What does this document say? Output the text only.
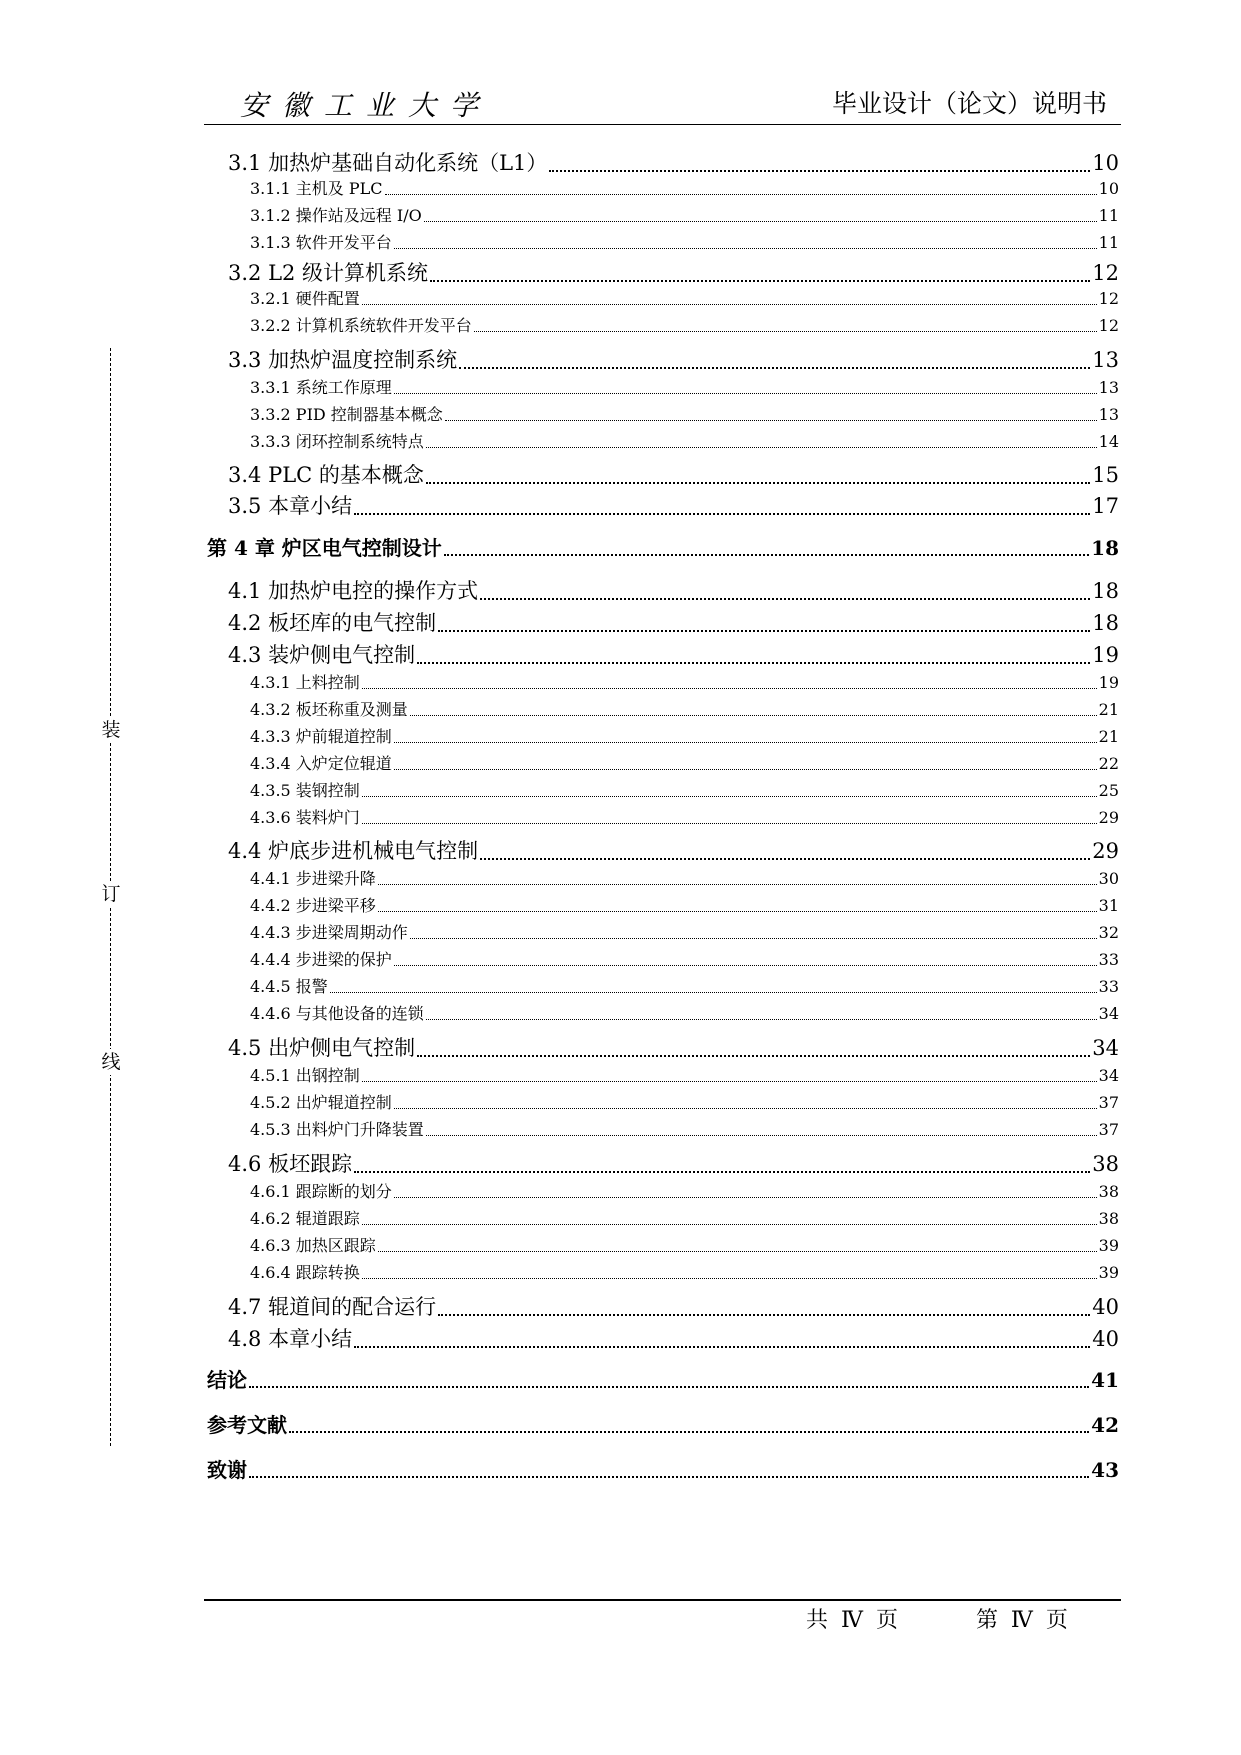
安徽工业大学	毕业设计（论文）说明书
装
订
线
3.1 加热炉基础自动化系统（L1）	10
3.1.1 主机及 PLC	10
3.1.2 操作站及远程 I/O	11
3.1.3 软件开发平台	11
3.2 L2 级计算机系统	12
3.2.1 硬件配置	12
3.2.2 计算机系统软件开发平台	12
3.3 加热炉温度控制系统	13
3.3.1 系统工作原理	13
3.3.2 PID 控制器基本概念	13
3.3.3 闭环控制系统特点	14
3.4 PLC 的基本概念	15
3.5 本章小结	17
第 4 章 炉区电气控制设计	18
4.1 加热炉电控的操作方式	18
4.2 板坯库的电气控制	18
4.3 装炉侧电气控制	19
4.3.1 上料控制	19
4.3.2 板坯称重及测量	21
4.3.3 炉前辊道控制	21
4.3.4 入炉定位辊道	22
4.3.5 装钢控制	25
4.3.6 装料炉门	29
4.4 炉底步进机械电气控制	29
4.4.1 步进梁升降	30
4.4.2 步进梁平移	31
4.4.3 步进梁周期动作	32
4.4.4 步进梁的保护	33
4.4.5 报警	33
4.4.6 与其他设备的连锁	34
4.5 出炉侧电气控制	34
4.5.1 出钢控制	34
4.5.2 出炉辊道控制	37
4.5.3 出料炉门升降装置	37
4.6 板坯跟踪	38
4.6.1 跟踪断的划分	38
4.6.2 辊道跟踪	38
4.6.3 加热区跟踪	39
4.6.4 跟踪转换	39
4.7 辊道间的配合运行	40
4.8 本章小结	40
结论	41
参考文献	42
致谢	43
共 Ⅳ 页	第 Ⅳ 页
